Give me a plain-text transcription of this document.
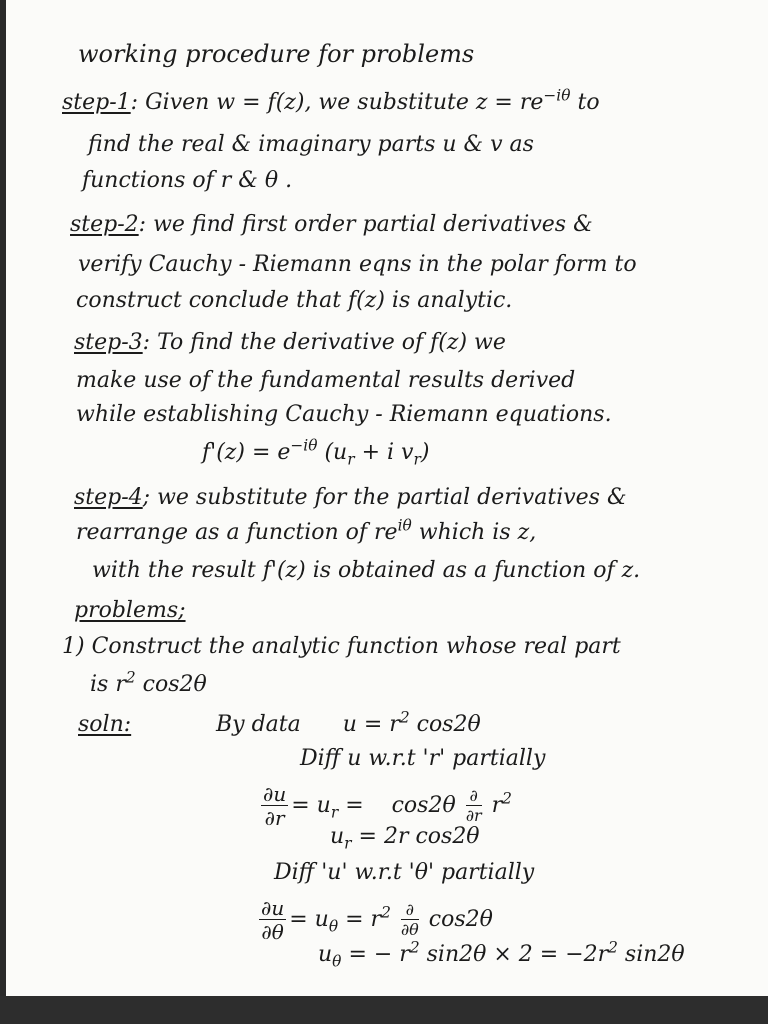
working procedure for problems
step-1: Given w = f(z), we substitute $z = re^{-i\theta}$ to
find the real & imaginary parts u & v as
functions of r & θ .
step-2: we find first order partial derivatives &
verify Cauchy - Riemann eqns in the polar form to
construct conclude that f(z) is analytic.
step-3: To find the derivative of f(z) we
make use of the fundamental results derived
while establishing Cauchy - Riemann equations.
$f'(z) = e^{-i\theta}$ ($u_r + i$ $v_r$)
step-4; we substitute for the partial derivatives &
rearrange as a function of $re^{i\theta}$ which is z,
with the result f'(z) is obtained as a function of z.
problems;
1) Construct the analytic function whose real part
is $r^2$ cos2θ
soln:	By data      $u = r^2$ cos2θ
Diff u w.r.t 'r' partially
$\frac{\partial u}{\partial r} = u_r$ =    $\cos 2\theta \frac{\partial}{\partial r} r^2$
$u_r = 2r$ cos2θ
Diff 'u' w.r.t 'θ' partially
$\frac{\partial u}{\partial\theta} = u_\theta = r^2 \frac{\partial}{\partial\theta} \cos 2\theta$
$u_\theta$ = − $r^2$ $\sin 2\theta \times 2 = -2r^2$ sin2θ
